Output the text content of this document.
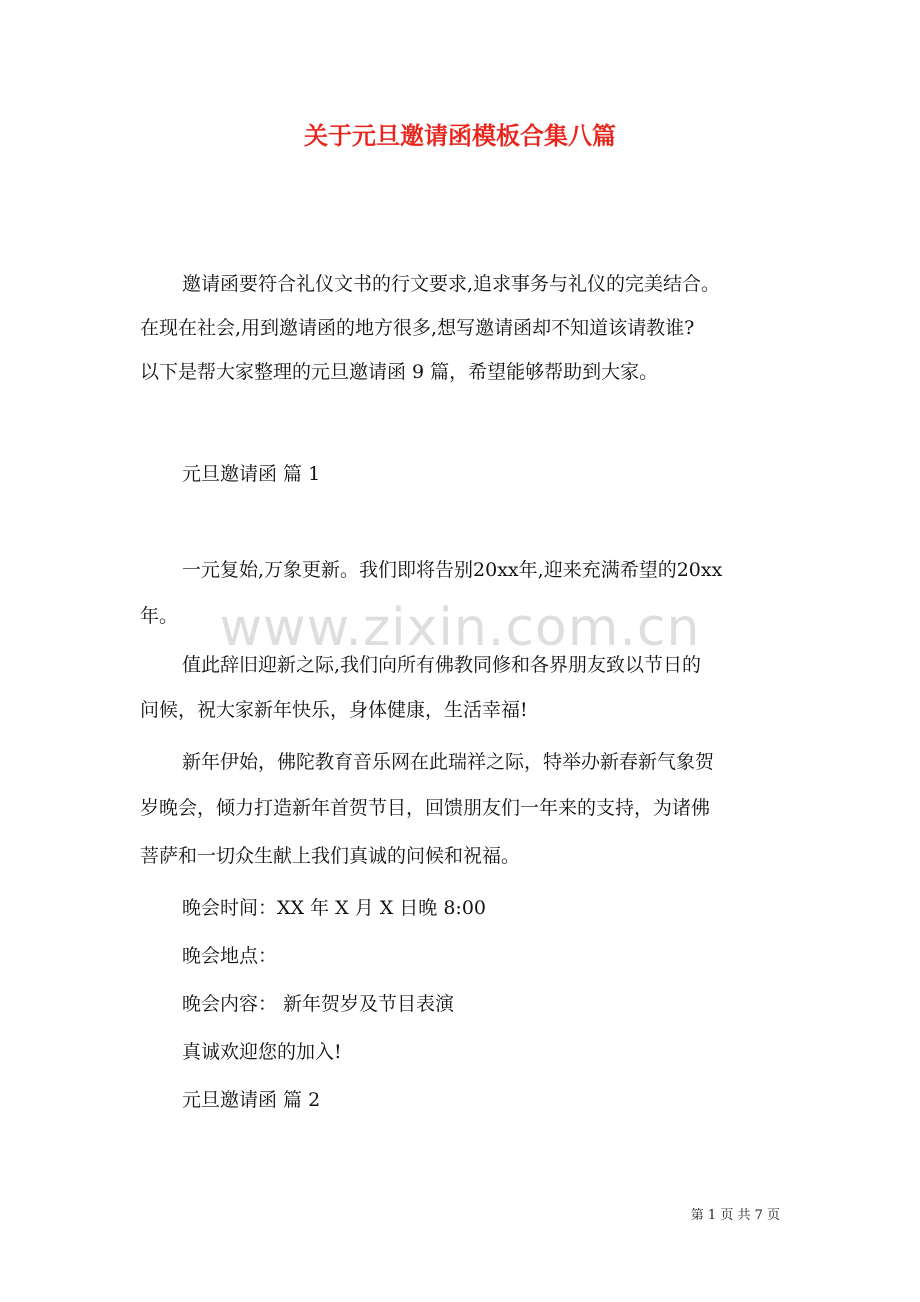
关于元旦邀请函模板合集八篇

邀请函要符合礼仪文书的行文要求,追求事务与礼仪的完美结合。

在现在社会,用到邀请函的地方很多,想写邀请函却不知道该请教谁?

以下是帮大家整理的元旦邀请函 9 篇，希望能够帮助到大家。

元旦邀请函 篇 1

一元复始,万象更新。我们即将告别20xx年,迎来充满希望的20xx

年。 www.zixin.com.cn

值此辞旧迎新之际,我们向所有佛教同修和各界朋友致以节日的

问候，祝大家新年快乐，身体健康，生活幸福!

新年伊始，佛陀教育音乐网在此瑞祥之际，特举办新春新气象贺

岁晚会，倾力打造新年首贺节目，回馈朋友们一年来的支持，为诸佛

菩萨和一切众生献上我们真诚的问候和祝福。

晚会时间：XX 年 X 月 X 日晚 8:00

晚会地点：

晚会内容： 新年贺岁及节目表演

真诚欢迎您的加入!

元旦邀请函 篇 2

第 1 页 共 7 页
